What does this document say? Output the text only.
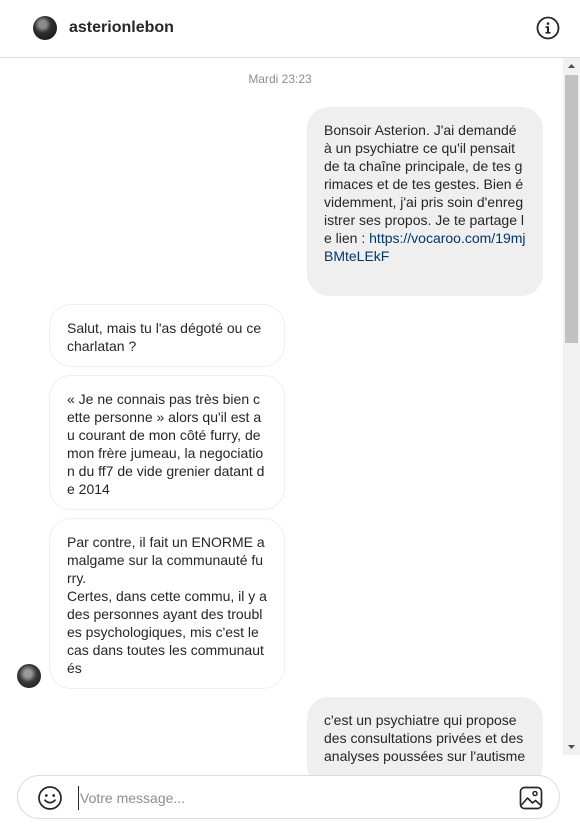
asterionlebon
Mardi 23:23
Bonsoir Asterion. J'ai demandé à un psychiatre ce qu'il pensait de ta chaîne principale, de tes grimaces et de tes gestes. Bien évidemment, j'ai pris soin d'enregistrer ses propos. Je te partage le lien : https://vocaroo.com/19mjBMteLEkF
Salut, mais tu l'as dégoté ou ce charlatan ?
« Je ne connais pas très bien cette personne » alors qu'il est au courant de mon côté furry, de mon frère jumeau, la negociation du ff7 de vide grenier datant de 2014
Par contre, il fait un ENORME amalgame sur la communauté furry.
Certes, dans cette commu, il y a des personnes ayant des troubles psychologiques, mis c'est le cas dans toutes les communautés
c'est un psychiatre qui propose des consultations privées et des analyses poussées sur l'autisme
Votre message...
